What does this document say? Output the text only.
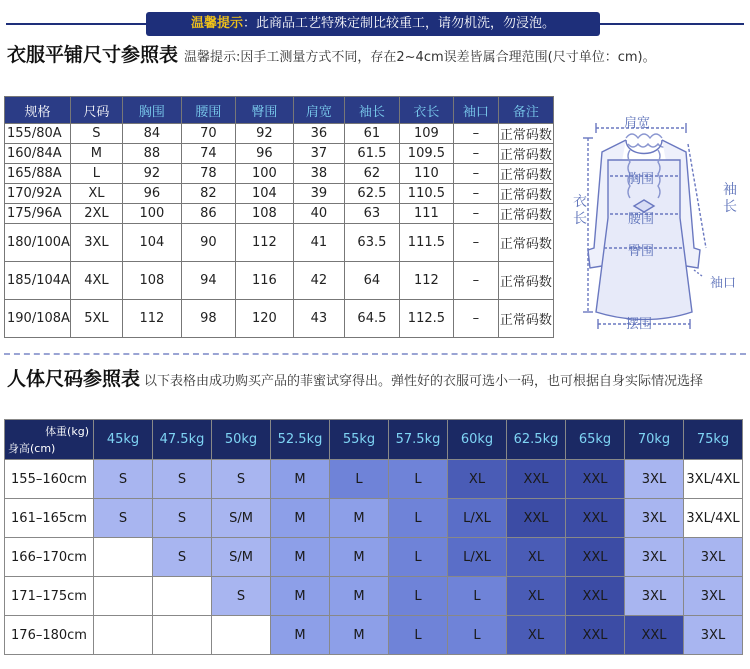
温馨提示：此商品工艺特殊定制比较重工，请勿机洗，勿浸泡。
衣服平铺尺寸参照表 温馨提示:因手工测量方式不同，存在2~4cm误差皆属合理范围(尺寸单位：cm)。
规格	尺码	胸围	腰围	臀围	肩宽	袖长	衣长	袖口	备注
155/80A	S	84	70	92	36	61	109	–	正常码数
160/84A	M	88	74	96	37	61.5	109.5	–	正常码数
165/88A	L	92	78	100	38	62	110	–	正常码数
170/92A	XL	96	82	104	39	62.5	110.5	–	正常码数
175/96A	2XL	100	86	108	40	63	111	–	正常码数
180/100A	3XL	104	90	112	41	63.5	111.5	–	正常码数
185/104A	4XL	108	94	116	42	64	112	–	正常码数
190/108A	5XL	112	98	120	43	64.5	112.5	–	正常码数
肩宽
胸围
腰围
臀围
摆围
袖口
衣长
袖长
人体尺码参照表 以下表格由成功购买产品的菲蜜试穿得出。弹性好的衣服可选小一码，也可根据自身实际情况选择
体重(kg)
身高(cm)	45kg	47.5kg	50kg	52.5kg	55kg	57.5kg	60kg	62.5kg	65kg	70kg	75kg
155–160cm	S	S	S	M	L	L	XL	XXL	XXL	3XL	3XL/4XL
161–165cm	S	S	S/M	M	M	L	L/XL	XXL	XXL	3XL	3XL/4XL
166–170cm		S	S/M	M	M	L	L/XL	XL	XXL	3XL	3XL
171–175cm			S	M	M	L	L	XL	XXL	3XL	3XL
176–180cm				M	M	L	L	XL	XXL	XXL	3XL
